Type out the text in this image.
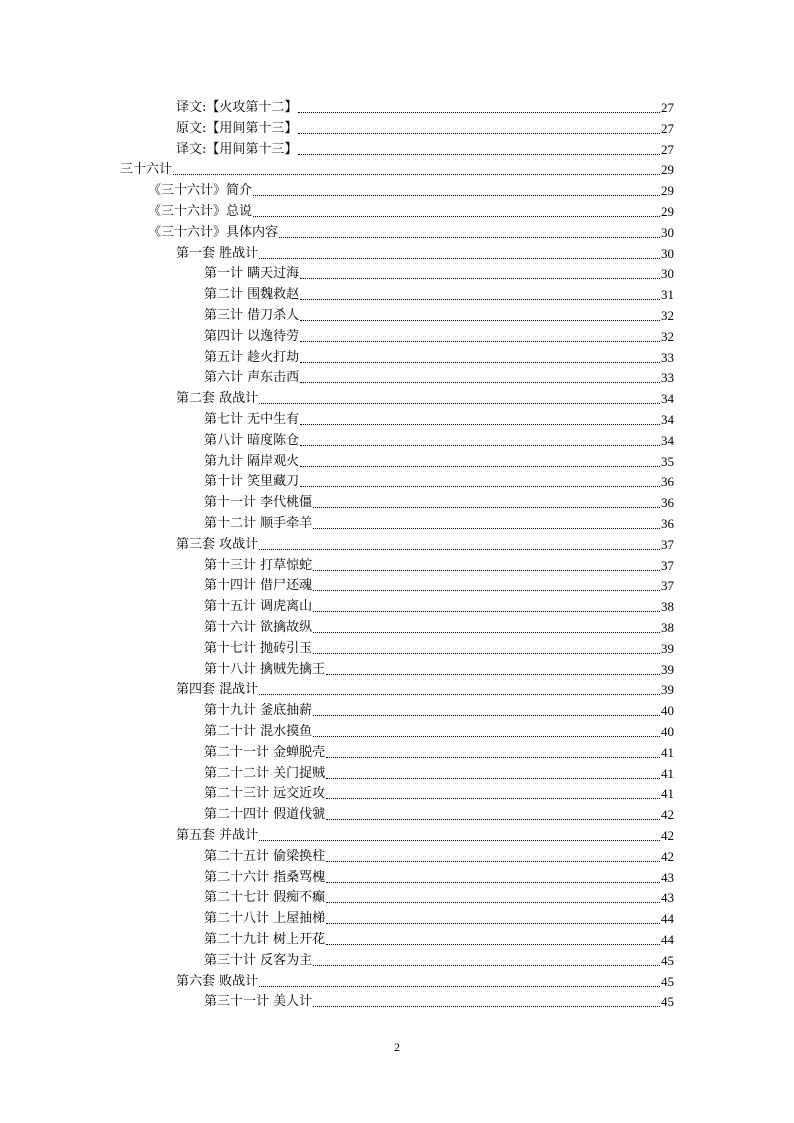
译文:【火攻第十二】	27
原文:【用间第十三】	27
译文:【用间第十三】	27
三十六计	29
《三十六计》简介	29
《三十六计》总说	29
《三十六计》具体内容	30
第一套 胜战计	30
第一计 瞒天过海	30
第二计 围魏救赵	31
第三计 借刀杀人	32
第四计 以逸待劳	32
第五计 趁火打劫	33
第六计 声东击西	33
第二套 敌战计	34
第七计 无中生有	34
第八计 暗度陈仓	34
第九计 隔岸观火	35
第十计 笑里藏刀	36
第十一计 李代桃僵	36
第十二计 顺手牵羊	36
第三套 攻战计	37
第十三计 打草惊蛇	37
第十四计 借尸还魂	37
第十五计 调虎离山	38
第十六计 欲擒故纵	38
第十七计 抛砖引玉	39
第十八计 擒贼先擒王	39
第四套 混战计	39
第十九计 釜底抽薪	40
第二十计 混水摸鱼	40
第二十一计 金蝉脱壳	41
第二十二计 关门捉贼	41
第二十三计 远交近攻	41
第二十四计 假道伐虢	42
第五套 并战计	42
第二十五计 偷梁换柱	42
第二十六计 指桑骂槐	43
第二十七计 假痴不癫	43
第二十八计 上屋抽梯	44
第二十九计 树上开花	44
第三十计 反客为主	45
第六套 败战计	45
第三十一计 美人计	45
2
